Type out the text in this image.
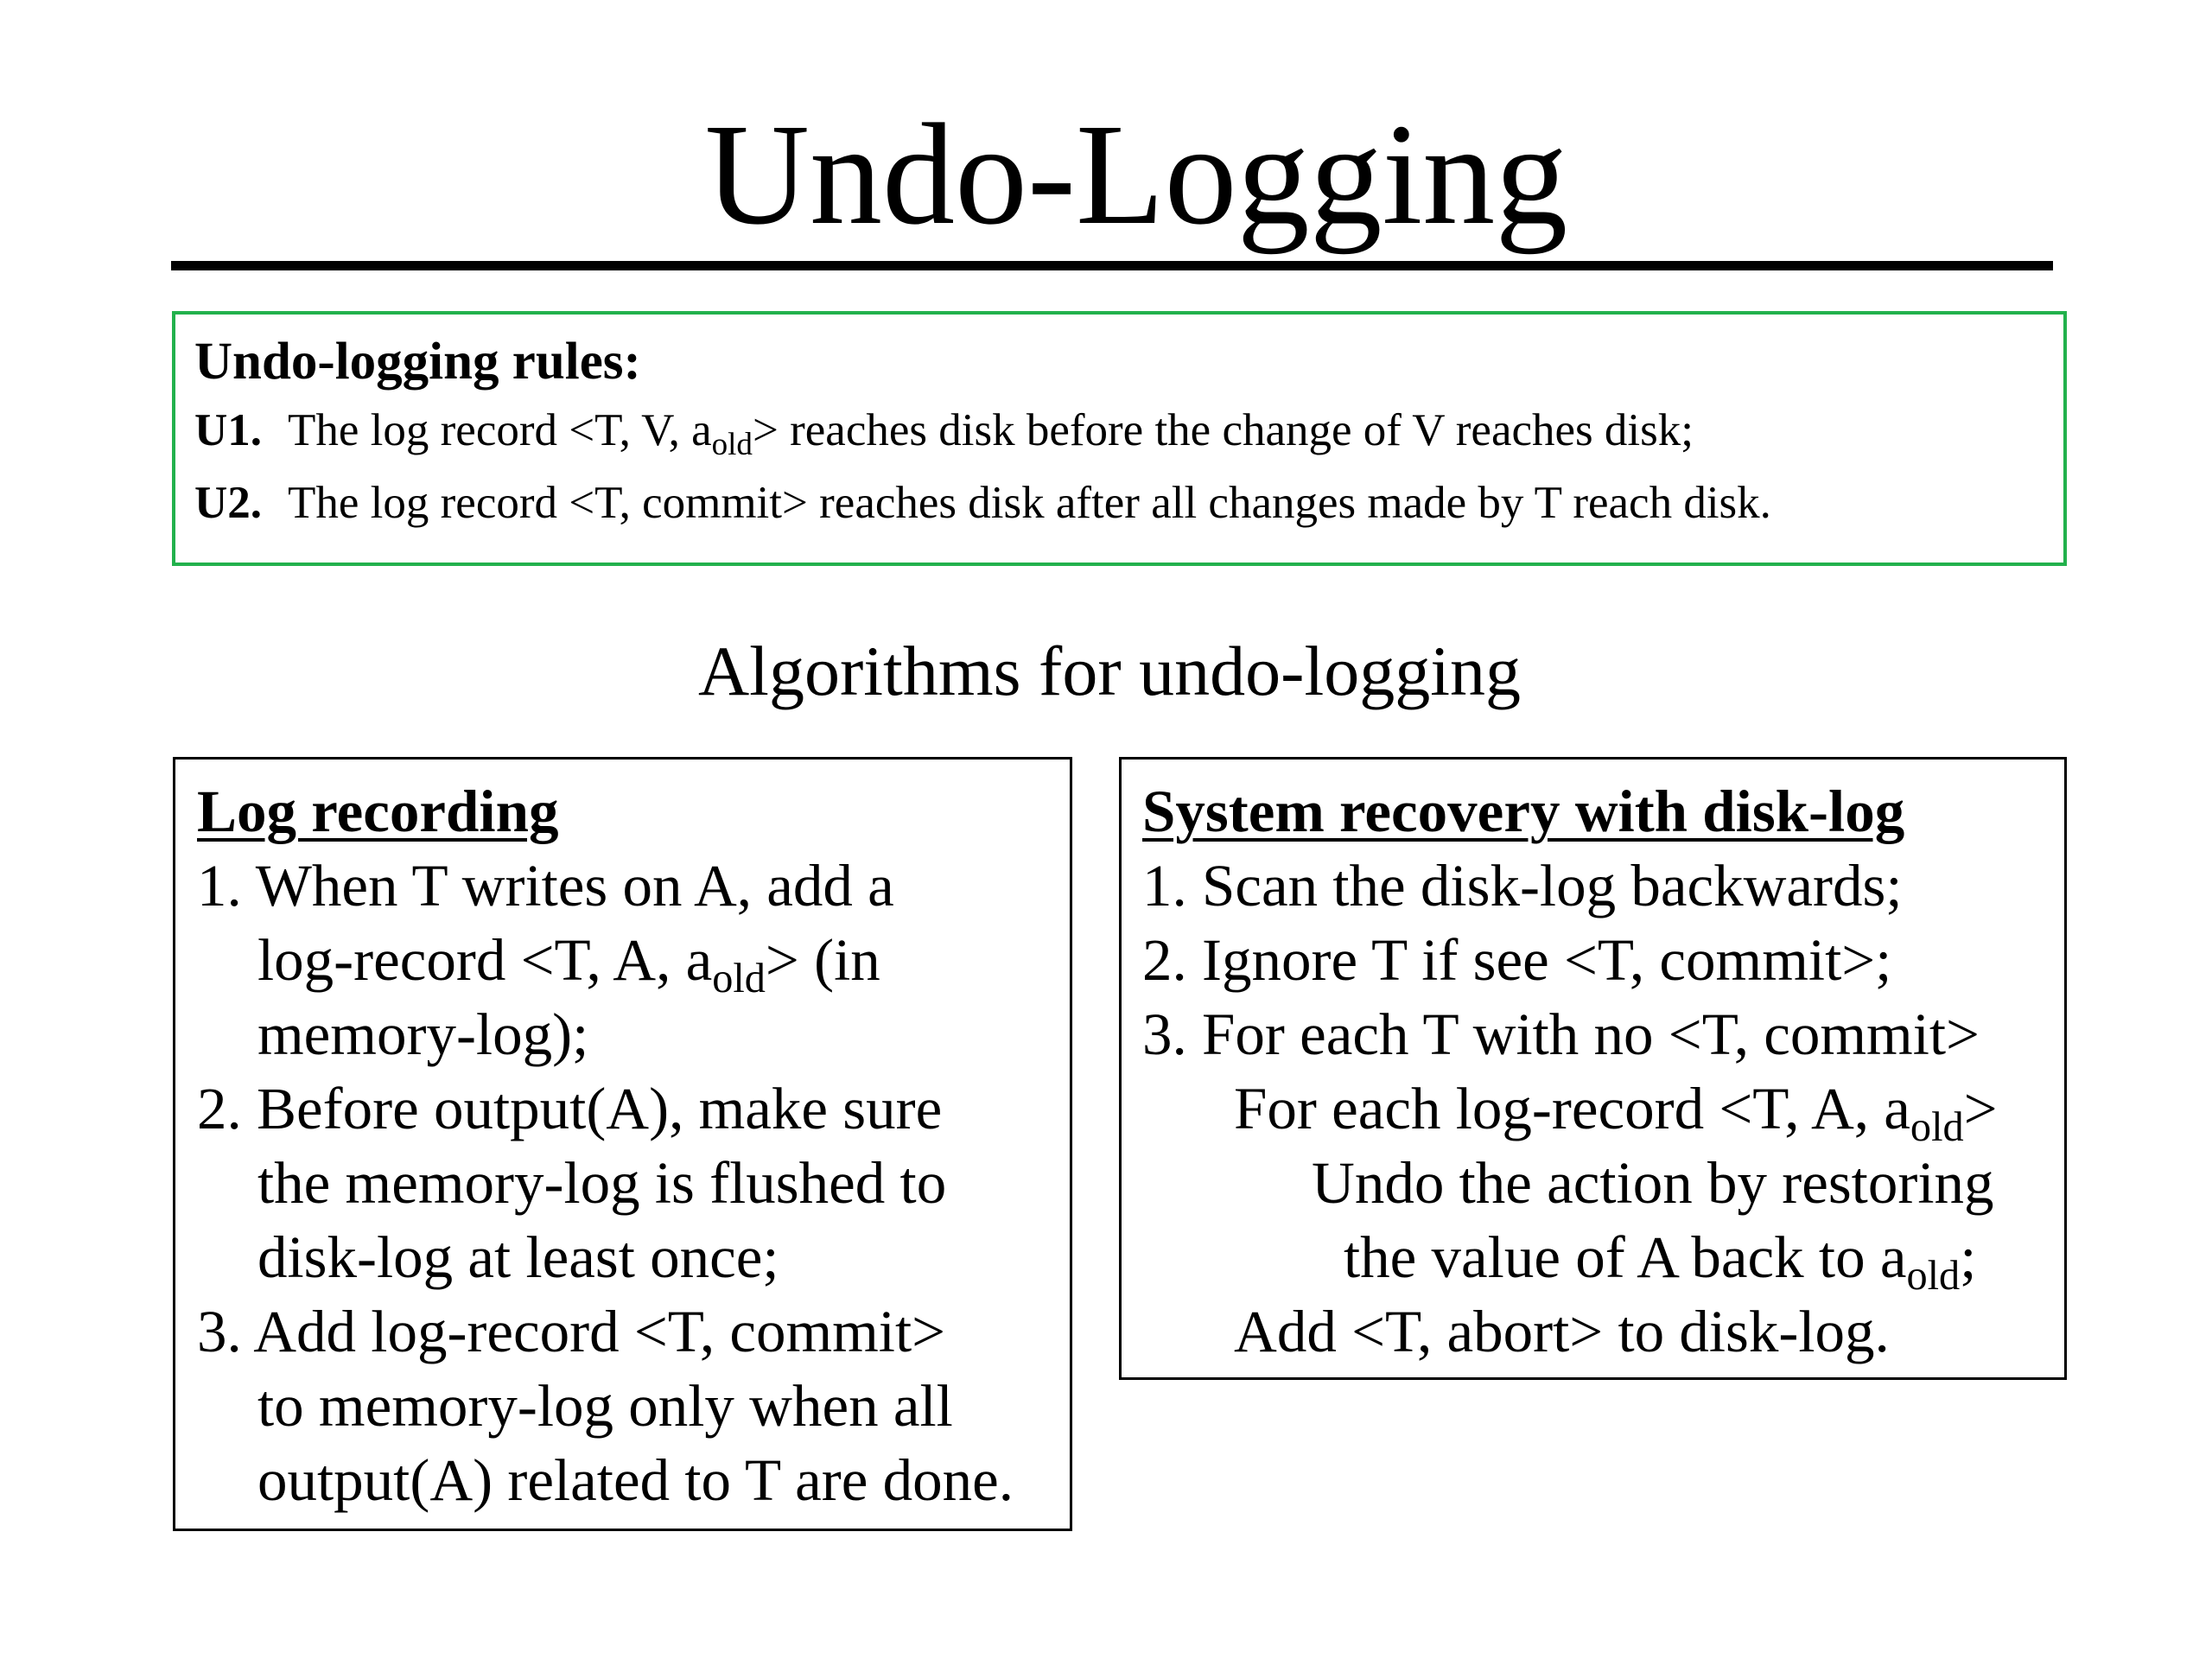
Undo-Logging
Undo-logging rules:
U1. The log record <T, V, $a_{old}>$ reaches disk before the change of V reaches disk;
U2. The log record <T, commit> reaches disk after all changes made by T reach disk.
Algorithms for undo-logging
Log recording
1. When T writes on A, add a
log-record <T, A, $a_{old}> (in$
memory-log);
2. Before output(A), make sure
the memory-log is flushed to
disk-log at least once;
3. Add log-record <T, commit>
to memory-log only when all
output(A) related to T are done.
System recovery with disk-log
1. Scan the disk-log backwards;
2. Ignore T if see <T, commit>;
3. For each T with no <T, commit>
For each log-record <T, A, $a_{old}>$
Undo the action by restoring
the value of A back to $a_{old}$;
Add <T, abort> to disk-log.
